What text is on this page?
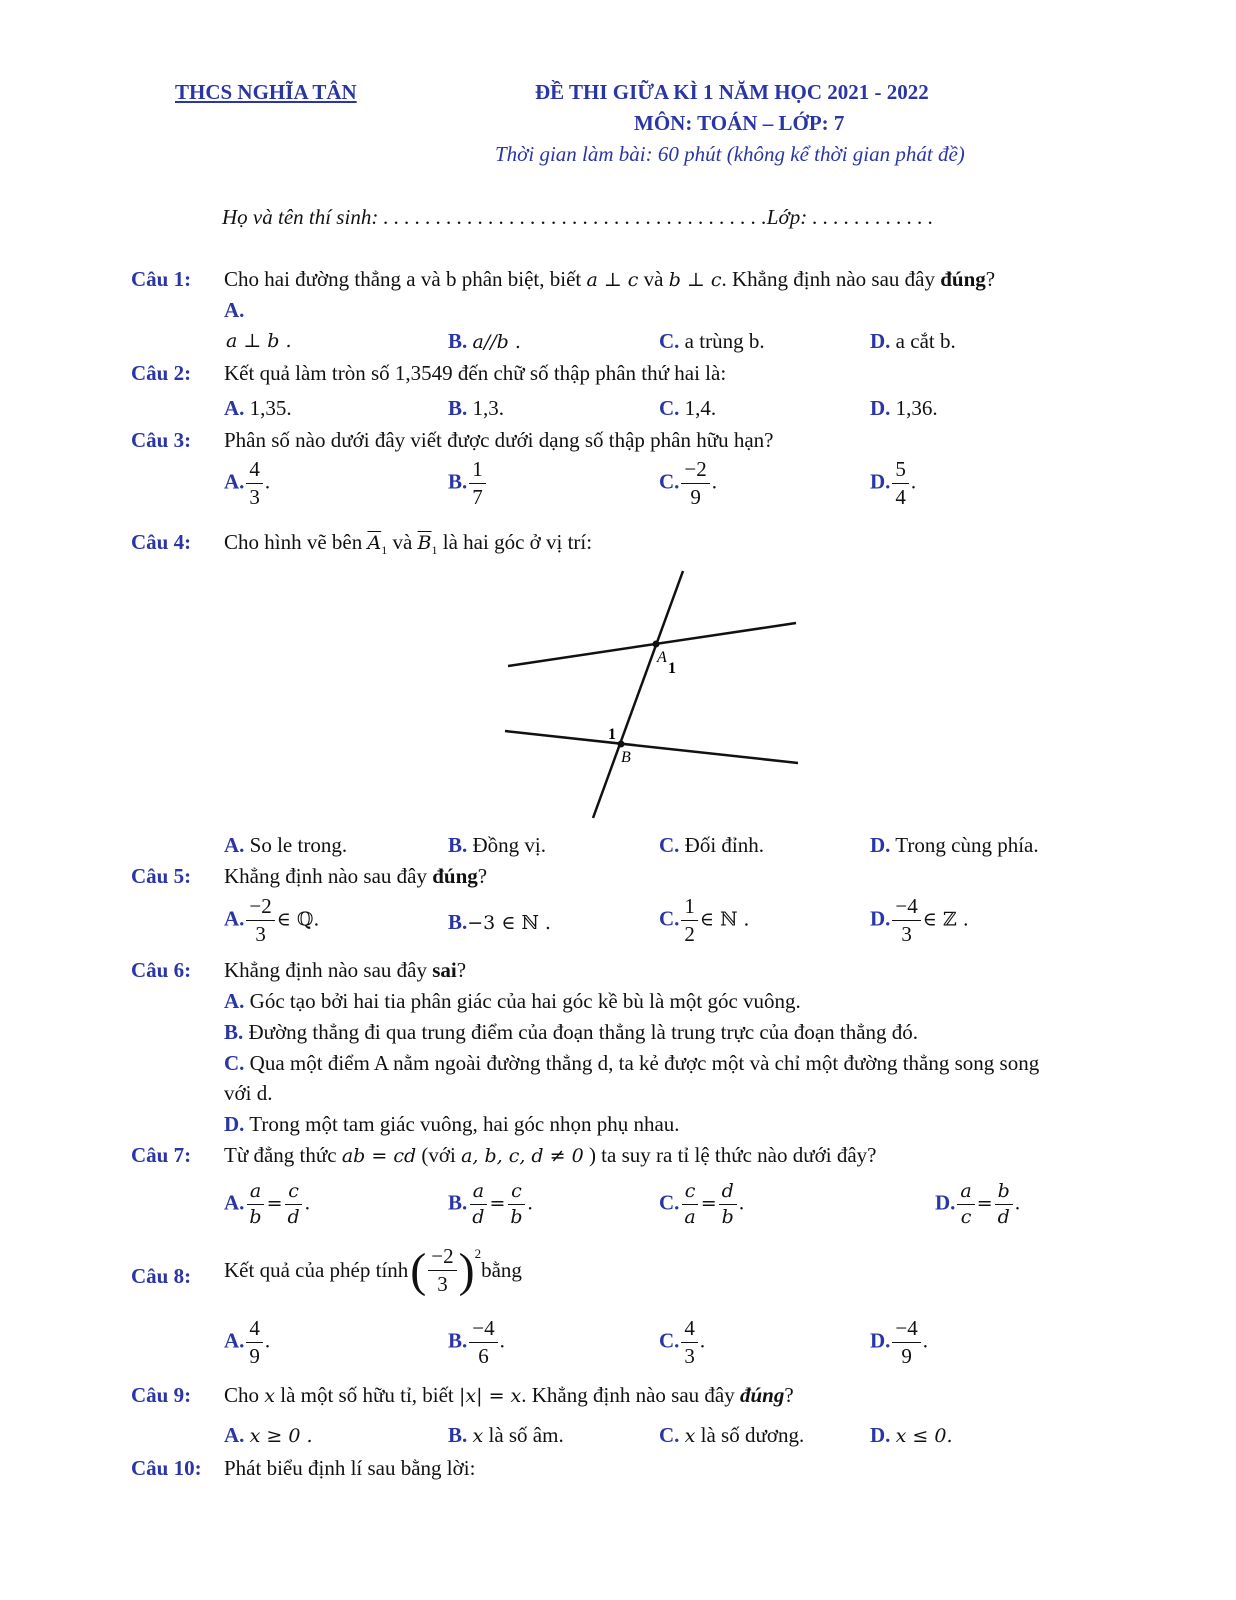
THCS NGHĨA TÂN	ĐỀ THI GIỮA KÌ 1 NĂM HỌC 2021 - 2022
MÔN: TOÁN – LỚP: 7
Thời gian làm bài: 60 phút (không kể thời gian phát đề)
Họ và tên thí sinh: . . . . . . . . . . . . . . . . . . . . . . . . . . . . . . . . . . . . .Lớp: . . . . . . . . . . . .
Câu 1: Cho hai đường thẳng a và b phân biệt, biết a ⊥ c và b ⊥ c. Khẳng định nào sau đây đúng?
A.
a ⊥ b .	B. a//b .	C. a trùng b.	D. a cắt b.
Câu 2: Kết quả làm tròn số 1,3549 đến chữ số thập phân thứ hai là:
A. 1,35.	B. 1,3.	C. 1,4.	D. 1,36.
Câu 3: Phân số nào dưới đây viết được dưới dạng số thập phân hữu hạn?
A. $\frac{4}{3}$ .	B. $\frac{1}{7}$	C. $\frac{-2}{9}$ .	D. $\frac{5}{4}$ .
Câu 4: Cho hình vẽ bên $\overline{A}_1$ và $\overline{B}_1$ là hai góc ở vị trí:
A
1
1
B
A. So le trong.	B. Đồng vị.	C. Đối đỉnh.	D. Trong cùng phía.
Câu 5: Khẳng định nào sau đây đúng?
A. $\frac{-2}{3}$ ∈ ℚ.	B.−3 ∈ ℕ .	C. $\frac{1}{2}$ ∈ ℕ .	D. $\frac{-4}{3}$ ∈ ℤ .
Câu 6: Khẳng định nào sau đây sai?
A. Góc tạo bởi hai tia phân giác của hai góc kề bù là một góc vuông.
B. Đường thẳng đi qua trung điểm của đoạn thẳng là trung trực của đoạn thẳng đó.
C. Qua một điểm A nằm ngoài đường thẳng d, ta kẻ được một và chỉ một đường thẳng song song
với d.
D. Trong một tam giác vuông, hai góc nhọn phụ nhau.
Câu 7: Từ đẳng thức ab = cd (với a, b, c, d ≠ 0 ) ta suy ra tỉ lệ thức nào dưới đây?
A. $\frac{a}{b} = \frac{c}{d}$ .	B. $\frac{a}{d} = \frac{c}{b}$ .	C. $\frac{c}{a} = \frac{d}{b}$ .	D. $\frac{a}{c} = \frac{b}{d}$ .
Câu 8: Kết quả của phép tính ( $\frac{-2}{3} )^2$
bằng
A. $\frac{4}{9}$ .	B. $\frac{-4}{6}$ .	C. $\frac{4}{3}$ .	D. $\frac{-4}{9}$ .
Câu 9: Cho x là một số hữu tỉ, biết |x| = x. Khẳng định nào sau đây đúng?
A. x ≥ 0 .	B. x là số âm.	C. x là số dương.	D. x ≤ 0.
Câu 10: Phát biểu định lí sau bằng lời:
